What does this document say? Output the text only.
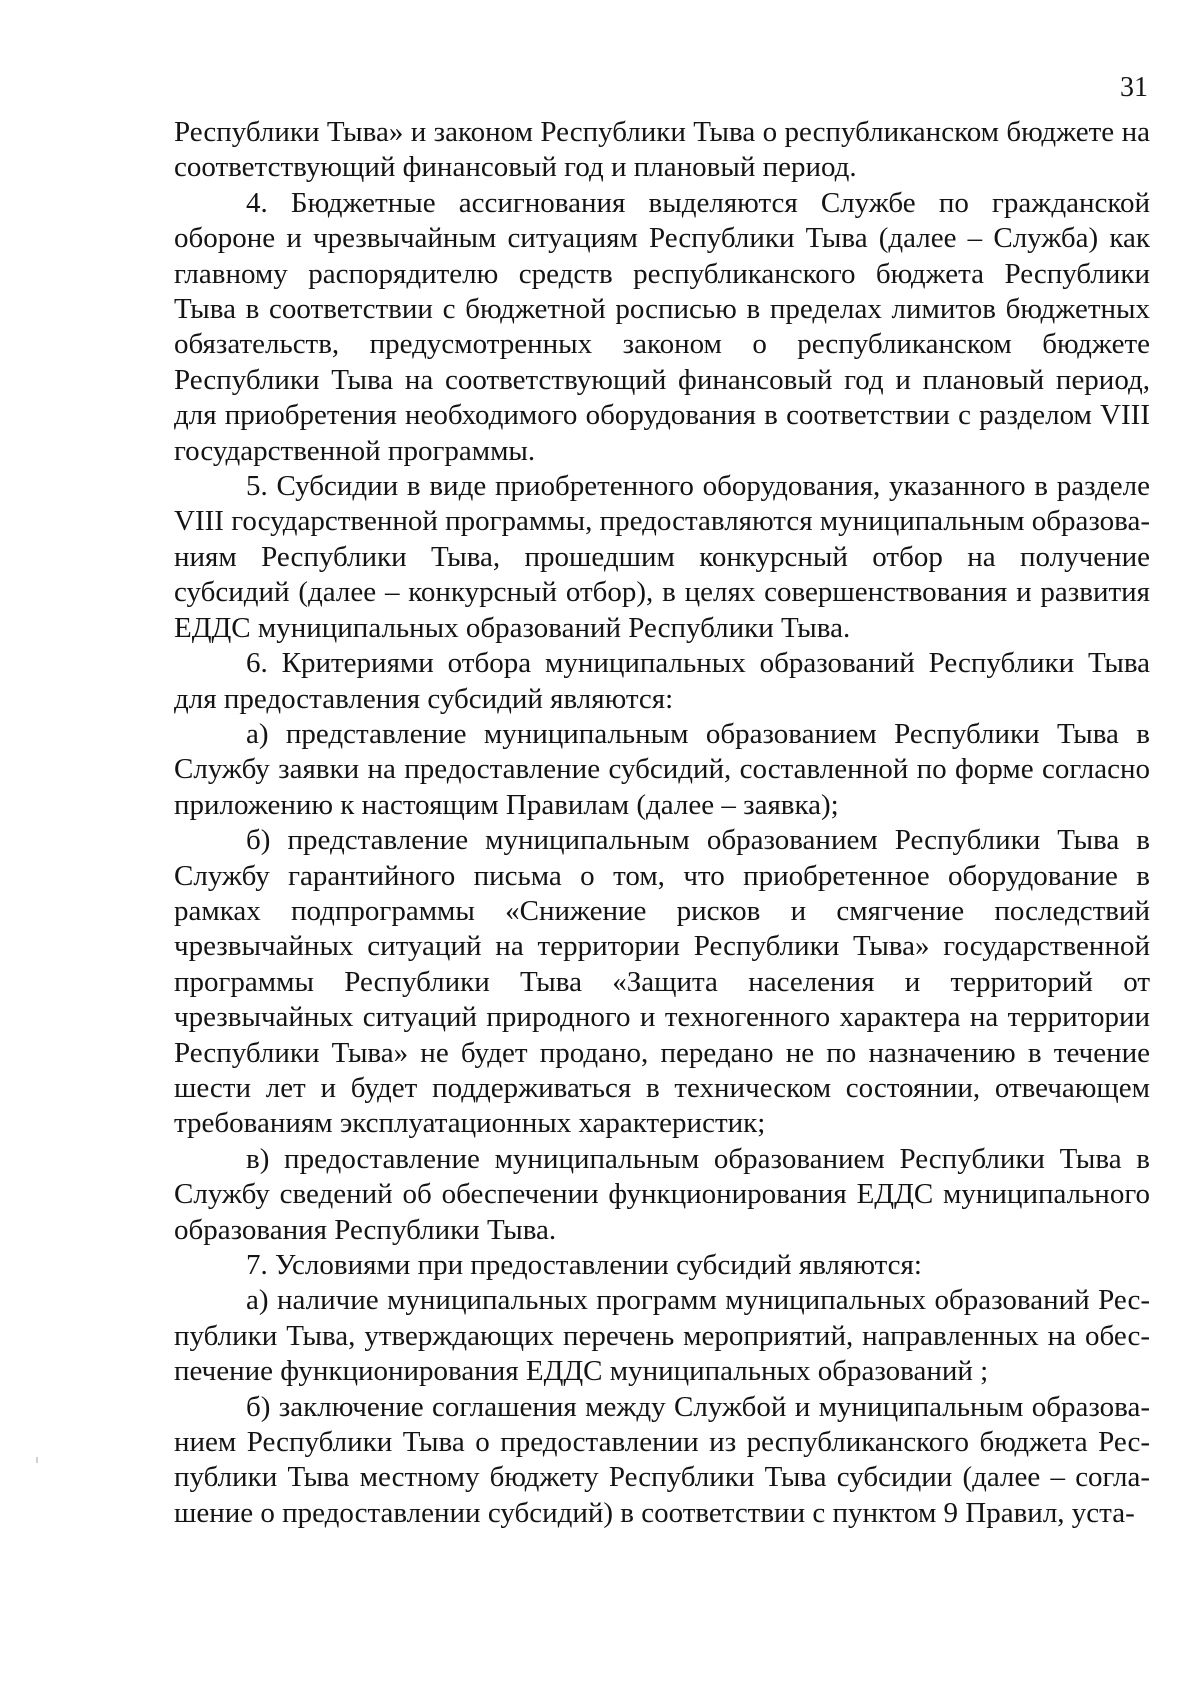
31

Республики Тыва» и законом Республики Тыва о республиканском бюджете на соответствующий финансовый год и плановый период.

4. Бюджетные ассигнования выделяются Службе по гражданской обороне и чрезвычайным ситуациям Республики Тыва (далее – Служба) как главному распорядителю средств республиканского бюджета Республики Тыва в соответствии с бюджетной росписью в пределах лимитов бюджетных обязательств, предусмотренных законом о республиканском бюджете Республики Тыва на соответствующий финансовый год и плановый период, для приобретения необходимого оборудования в соответствии с разделом VIII государственной программы.

5. Субсидии в виде приобретенного оборудования, указанного в разделе VIII государственной программы, предоставляются муниципальным образованиям Республики Тыва, прошедшим конкурсный отбор на получение субсидий (далее – конкурсный отбор), в целях совершенствования и развития ЕДДС муниципальных образований Республики Тыва.

6. Критериями отбора муниципальных образований Республики Тыва для предоставления субсидий являются:

а) представление муниципальным образованием Республики Тыва в Службу заявки на предоставление субсидий, составленной по форме согласно приложению к настоящим Правилам (далее – заявка);

б) представление муниципальным образованием Республики Тыва в Службу гарантийного письма о том, что приобретенное оборудование в рамках подпрограммы «Снижение рисков и смягчение последствий чрезвычайных ситуаций на территории Республики Тыва» государственной программы Республики Тыва «Защита населения и территорий от чрезвычайных ситуаций природного и техногенного характера на территории Республики Тыва» не будет продано, передано не по назначению в течение шести лет и будет поддерживаться в техническом состоянии, отвечающем требованиям эксплуатационных характеристик;

в) предоставление муниципальным образованием Республики Тыва в Службу сведений об обеспечении функционирования ЕДДС муниципального образования Республики Тыва.

7. Условиями при предоставлении субсидий являются:

а) наличие муниципальных программ муниципальных образований Республики Тыва, утверждающих перечень мероприятий, направленных на обеспечение функционирования ЕДДС муниципальных образований ;

б) заключение соглашения между Службой и муниципальным образованием Республики Тыва о предоставлении из республиканского бюджета Республики Тыва местному бюджету Республики Тыва субсидии (далее – соглашение о предоставлении субсидий) в соответствии с пунктом 9 Правил, уста-
